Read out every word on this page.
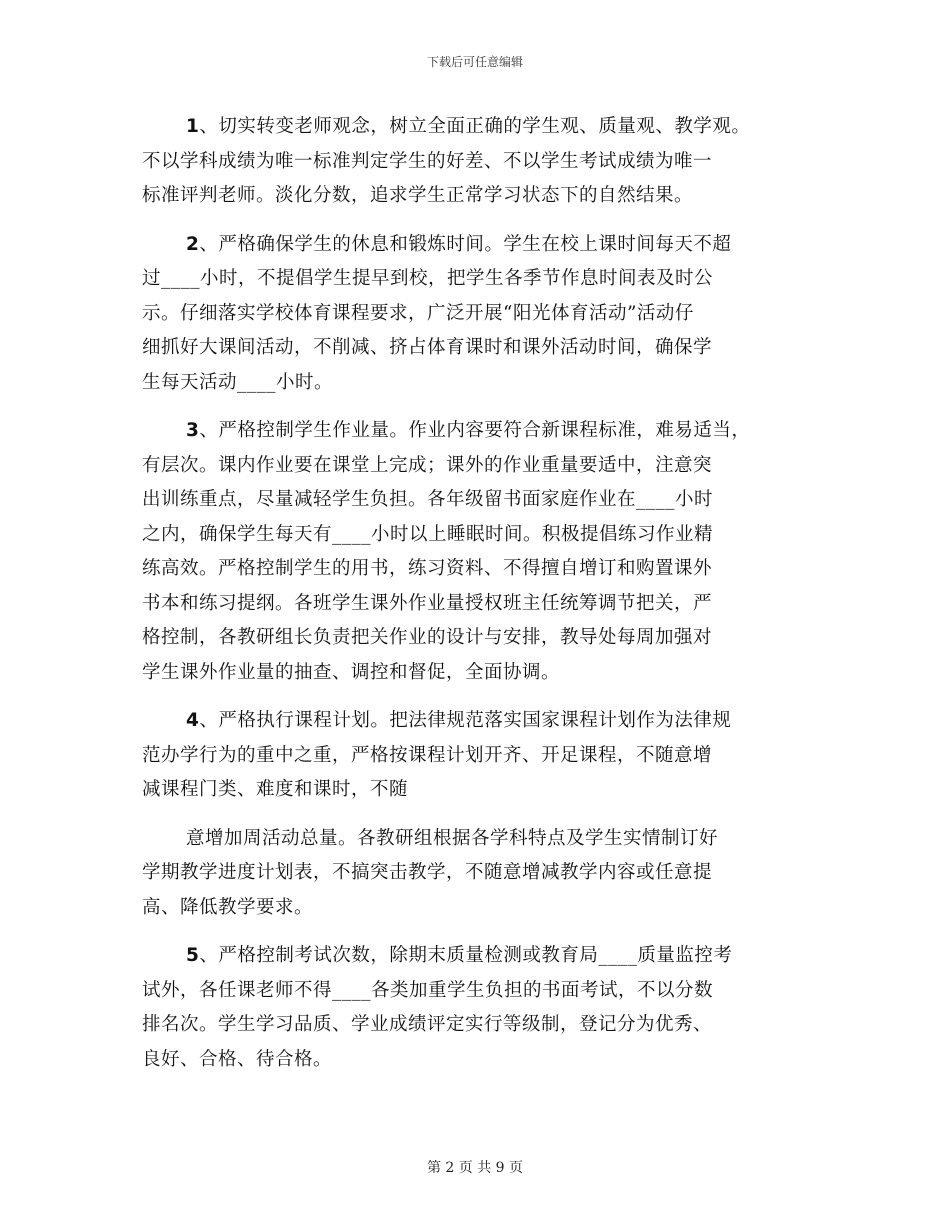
下载后可任意编辑
1、切实转变老师观念，树立全面正确的学生观、质量观、教学观。
不以学科成绩为唯一标准判定学生的好差、不以学生考试成绩为唯一
标准评判老师。淡化分数，追求学生正常学习状态下的自然结果。
2、严格确保学生的休息和锻炼时间。学生在校上课时间每天不超
过____小时，不提倡学生提早到校，把学生各季节作息时间表及时公
示。仔细落实学校体育课程要求，广泛开展“阳光体育活动”活动仔
细抓好大课间活动，不削减、挤占体育课时和课外活动时间，确保学
生每天活动____小时。
3、严格控制学生作业量。作业内容要符合新课程标准，难易适当，
有层次。课内作业要在课堂上完成；课外的作业重量要适中，注意突
出训练重点，尽量减轻学生负担。各年级留书面家庭作业在____小时
之内，确保学生每天有____小时以上睡眠时间。积极提倡练习作业精
练高效。严格控制学生的用书，练习资料、不得擅自增订和购置课外
书本和练习提纲。各班学生课外作业量授权班主任统筹调节把关，严
格控制，各教研组长负责把关作业的设计与安排，教导处每周加强对
学生课外作业量的抽查、调控和督促，全面协调。
4、严格执行课程计划。把法律规范落实国家课程计划作为法律规
范办学行为的重中之重，严格按课程计划开齐、开足课程，不随意增
减课程门类、难度和课时，不随
意增加周活动总量。各教研组根据各学科特点及学生实情制订好
学期教学进度计划表，不搞突击教学，不随意增减教学内容或任意提
高、降低教学要求。
5、严格控制考试次数，除期末质量检测或教育局____质量监控考
试外，各任课老师不得____各类加重学生负担的书面考试，不以分数
排名次。学生学习品质、学业成绩评定实行等级制，登记分为优秀、
良好、合格、待合格。
第 2 页 共 9 页
